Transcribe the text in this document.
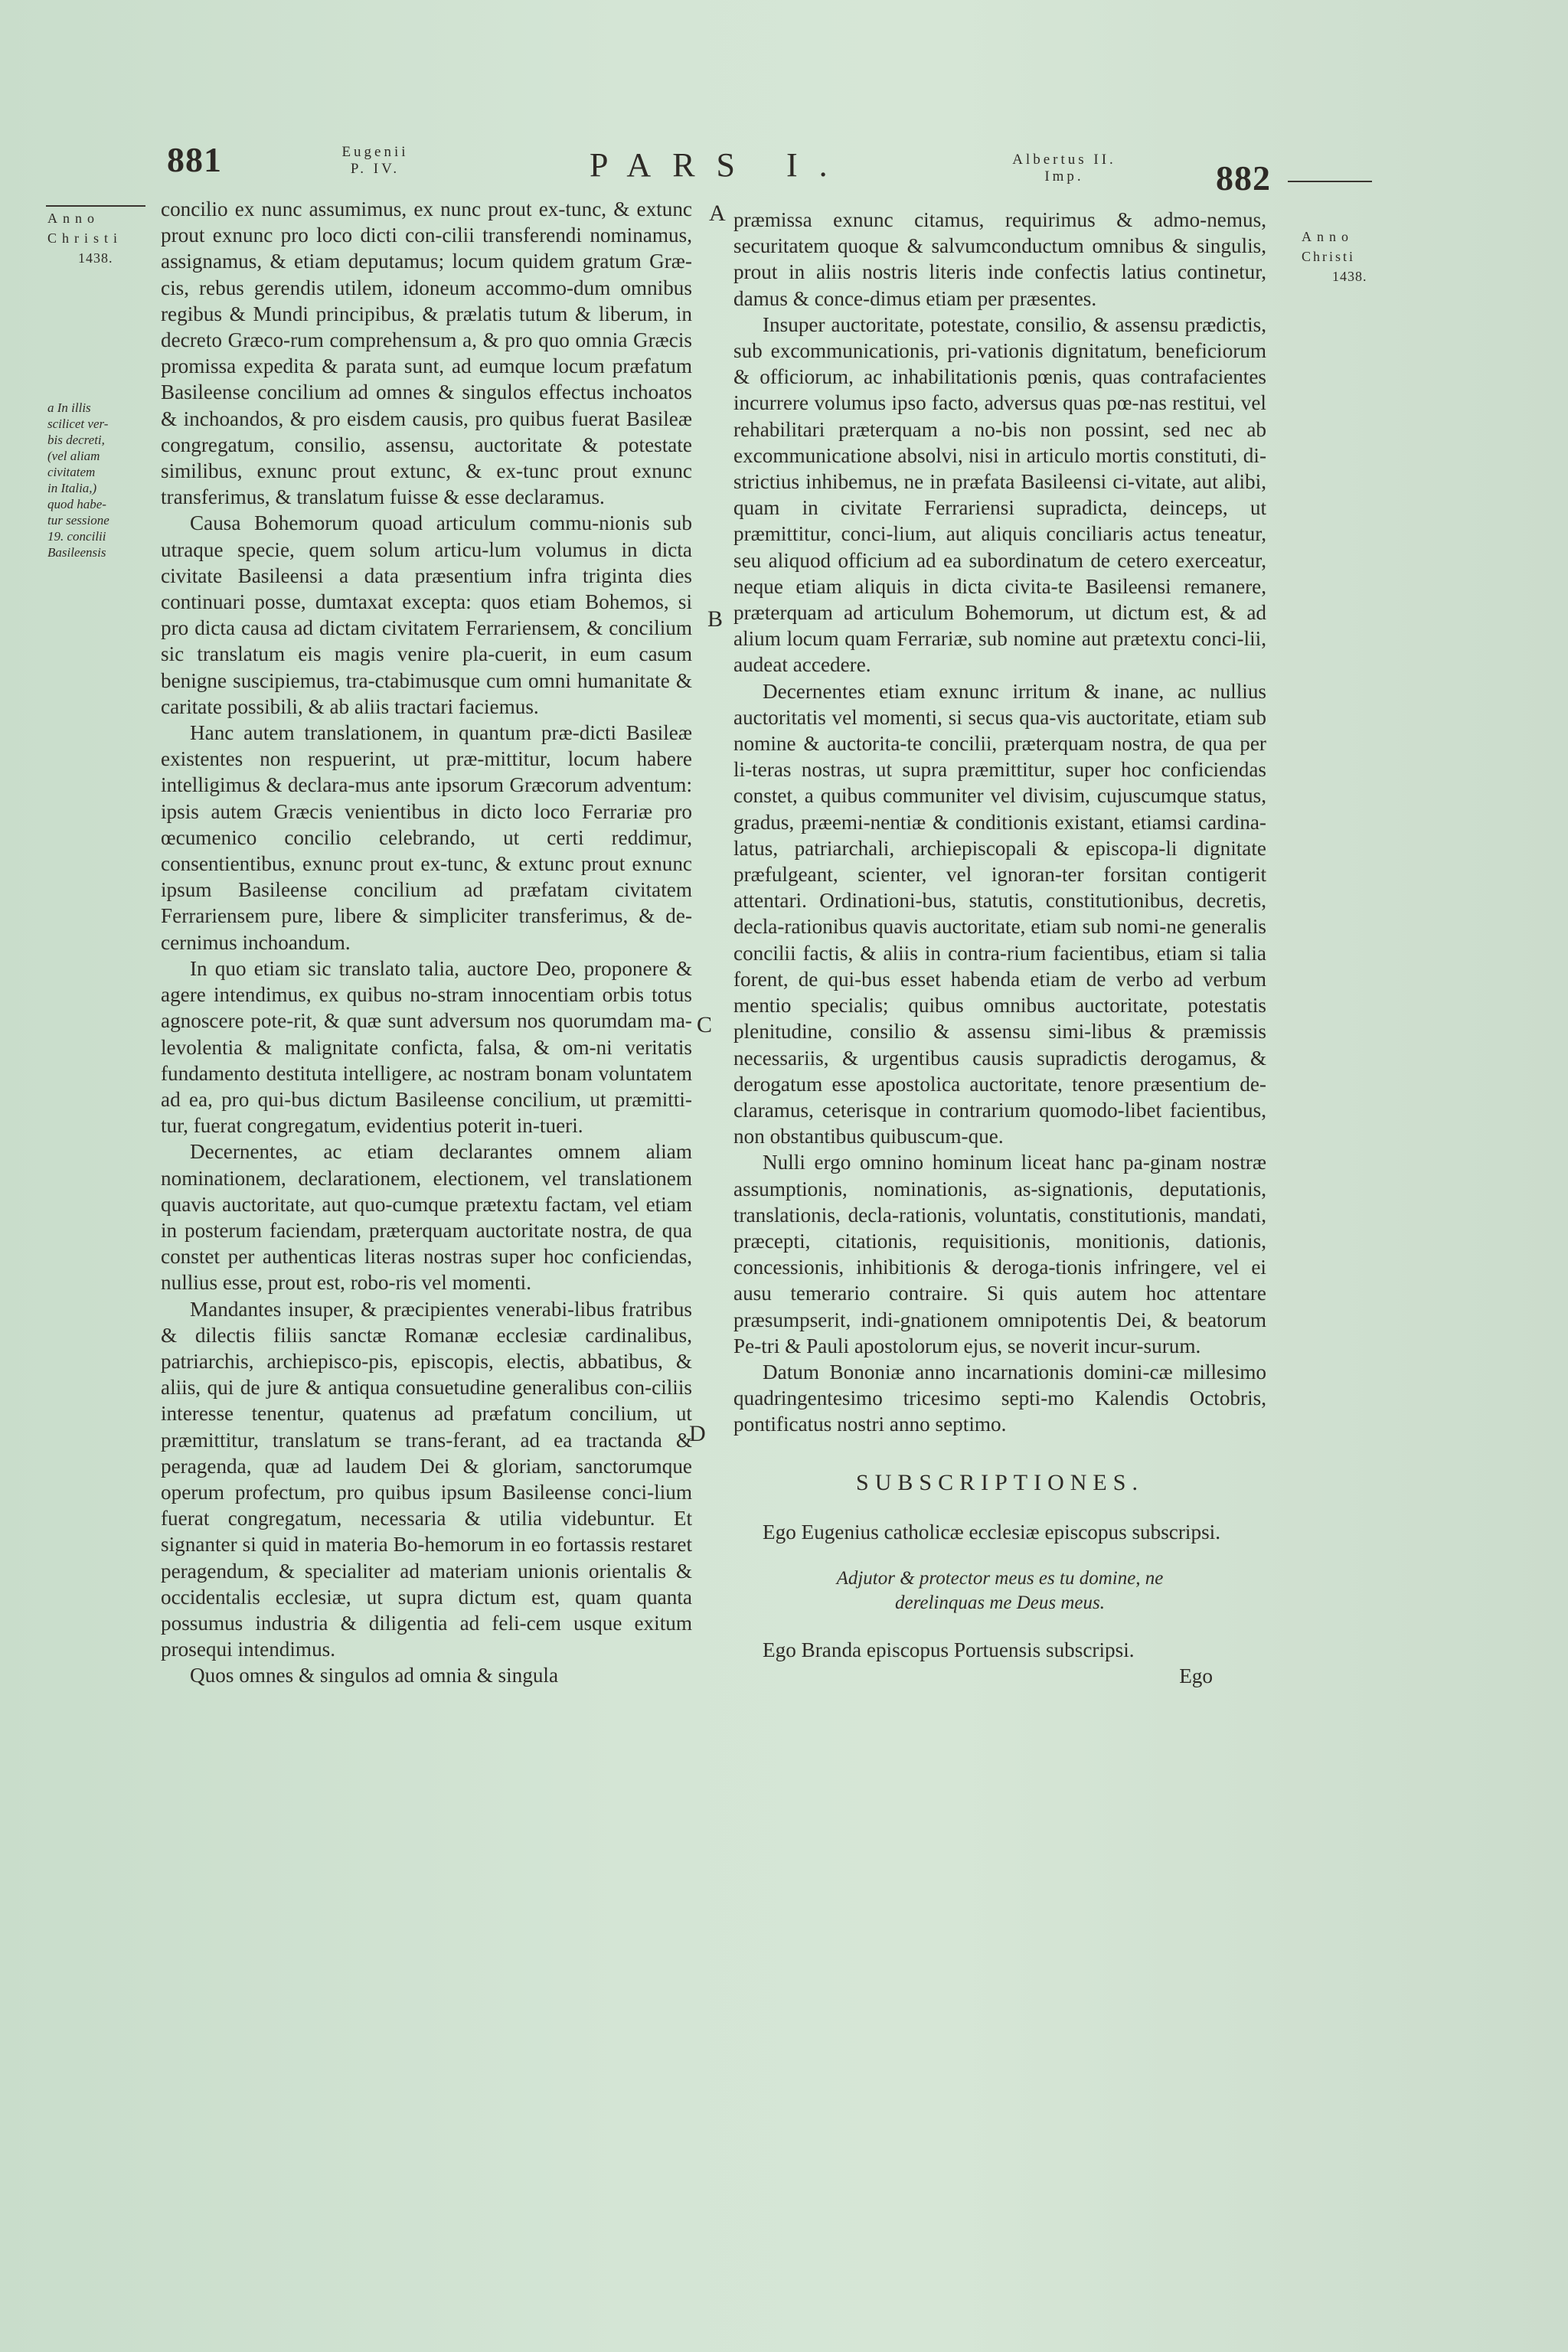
881	Eugenii
P. IV.	PARS I.	Albertus II.
Imp.	882
Anno
Christi
1438.
Anno
Christi
1438.
a In illis
scilicet ver-
bis decreti,
(vel aliam
civitatem
in Italia,)
quod habe-
tur sessione
19. concilii
Basileensis
A
B
C
D

concilio ex nunc assumimus, ex nunc prout ex-tunc, & extunc prout exnunc pro loco dicti con-cilii transferendi nominamus, assignamus, & etiam deputamus; locum quidem gratum Græ-cis, rebus gerendis utilem, idoneum accommo-dum omnibus regibus & Mundi principibus, & prælatis tutum & liberum, in decreto Græco-rum comprehensum a, & pro quo omnia Græcis promissa expedita & parata sunt, ad eumque locum præfatum Basileense concilium ad omnes & singulos effectus inchoatos & inchoandos, & pro eisdem causis, pro quibus fuerat Basileæ congregatum, consilio, assensu, auctoritate & potestate similibus, exnunc prout extunc, & ex-tunc prout exnunc transferimus, & translatum fuisse & esse declaramus.

Causa Bohemorum quoad articulum commu-nionis sub utraque specie, quem solum articu-lum volumus in dicta civitate Basileensi a data præsentium infra triginta dies continuari posse, dumtaxat excepta: quos etiam Bohemos, si pro dicta causa ad dictam civitatem Ferrariensem, & concilium sic translatum eis magis venire pla-cuerit, in eum casum benigne suscipiemus, tra-ctabimusque cum omni humanitate & caritate possibili, & ab aliis tractari faciemus.

Hanc autem translationem, in quantum præ-dicti Basileæ existentes non respuerint, ut præ-mittitur, locum habere intelligimus & declara-mus ante ipsorum Græcorum adventum: ipsis autem Græcis venientibus in dicto loco Ferrariæ pro œcumenico concilio celebrando, ut certi reddimur, consentientibus, exnunc prout ex-tunc, & extunc prout exnunc ipsum Basileense concilium ad præfatam civitatem Ferrariensem pure, libere & simpliciter transferimus, & de-cernimus inchoandum.

In quo etiam sic translato talia, auctore Deo, proponere & agere intendimus, ex quibus no-stram innocentiam orbis totus agnoscere pote-rit, & quæ sunt adversum nos quorumdam ma-levolentia & malignitate conficta, falsa, & om-ni veritatis fundamento destituta intelligere, ac nostram bonam voluntatem ad ea, pro qui-bus dictum Basileense concilium, ut præmitti-tur, fuerat congregatum, evidentius poterit in-tueri.

Decernentes, ac etiam declarantes omnem aliam nominationem, declarationem, electionem, vel translationem quavis auctoritate, aut quo-cumque prætextu factam, vel etiam in posterum faciendam, præterquam auctoritate nostra, de qua constet per authenticas literas nostras super hoc conficiendas, nullius esse, prout est, robo-ris vel momenti.

Mandantes insuper, & præcipientes venerabi-libus fratribus & dilectis filiis sanctæ Romanæ ecclesiæ cardinalibus, patriarchis, archiepisco-pis, episcopis, electis, abbatibus, & aliis, qui de jure & antiqua consuetudine generalibus con-ciliis interesse tenentur, quatenus ad præfatum concilium, ut præmittitur, translatum se trans-ferant, ad ea tractanda & peragenda, quæ ad laudem Dei & gloriam, sanctorumque operum profectum, pro quibus ipsum Basileense conci-lium fuerat congregatum, necessaria & utilia videbuntur. Et signanter si quid in materia Bo-hemorum in eo fortassis restaret peragendum, & specialiter ad materiam unionis orientalis & occidentalis ecclesiæ, ut supra dictum est, quam quanta possumus industria & diligentia ad feli-cem usque exitum prosequi intendimus.

Quos omnes & singulos ad omnia & singula

præmissa exnunc citamus, requirimus & admo-nemus, securitatem quoque & salvumconductum omnibus & singulis, prout in aliis nostris literis inde confectis latius continetur, damus & conce-dimus etiam per præsentes.

Insuper auctoritate, potestate, consilio, & assensu prædictis, sub excommunicationis, pri-vationis dignitatum, beneficiorum & officiorum, ac inhabilitationis pœnis, quas contrafacientes incurrere volumus ipso facto, adversus quas pœ-nas restitui, vel rehabilitari præterquam a no-bis non possint, sed nec ab excommunicatione absolvi, nisi in articulo mortis constituti, di-strictius inhibemus, ne in præfata Basileensi ci-vitate, aut alibi, quam in civitate Ferrariensi supradicta, deinceps, ut præmittitur, conci-lium, aut aliquis conciliaris actus teneatur, seu aliquod officium ad ea subordinatum de cetero exerceatur, neque etiam aliquis in dicta civita-te Basileensi remanere, præterquam ad articulum Bohemorum, ut dictum est, & ad alium locum quam Ferrariæ, sub nomine aut prætextu conci-lii, audeat accedere.

Decernentes etiam exnunc irritum & inane, ac nullius auctoritatis vel momenti, si secus qua-vis auctoritate, etiam sub nomine & auctorita-te concilii, præterquam nostra, de qua per li-teras nostras, ut supra præmittitur, super hoc conficiendas constet, a quibus communiter vel divisim, cujuscumque status, gradus, præemi-nentiæ & conditionis existant, etiamsi cardina-latus, patriarchali, archiepiscopali & episcopa-li dignitate præfulgeant, scienter, vel ignoran-ter forsitan contigerit attentari. Ordinationi-bus, statutis, constitutionibus, decretis, decla-rationibus quavis auctoritate, etiam sub nomi-ne generalis concilii factis, & aliis in contra-rium facientibus, etiam si talia forent, de qui-bus esset habenda etiam de verbo ad verbum mentio specialis; quibus omnibus auctoritate, potestatis plenitudine, consilio & assensu simi-libus & præmissis necessariis, & urgentibus causis supradictis derogamus, & derogatum esse apostolica auctoritate, tenore præsentium de-claramus, ceterisque in contrarium quomodo-libet facientibus, non obstantibus quibuscum-que.

Nulli ergo omnino hominum liceat hanc pa-ginam nostræ assumptionis, nominationis, as-signationis, deputationis, translationis, decla-rationis, voluntatis, constitutionis, mandati, præcepti, citationis, requisitionis, monitionis, dationis, concessionis, inhibitionis & deroga-tionis infringere, vel ei ausu temerario contraire. Si quis autem hoc attentare præsumpserit, indi-gnationem omnipotentis Dei, & beatorum Pe-tri & Pauli apostolorum ejus, se noverit incur-surum.

Datum Bononiæ anno incarnationis domini-cæ millesimo quadringentesimo tricesimo septi-mo Kalendis Octobris, pontificatus nostri anno septimo.

SUBSCRIPTIONES.

Ego Eugenius catholicæ ecclesiæ episcopus subscripsi.

Adjutor & protector meus es tu domine, ne
derelinquas me Deus meus.

Ego Branda episcopus Portuensis subscripsi.

Ego
